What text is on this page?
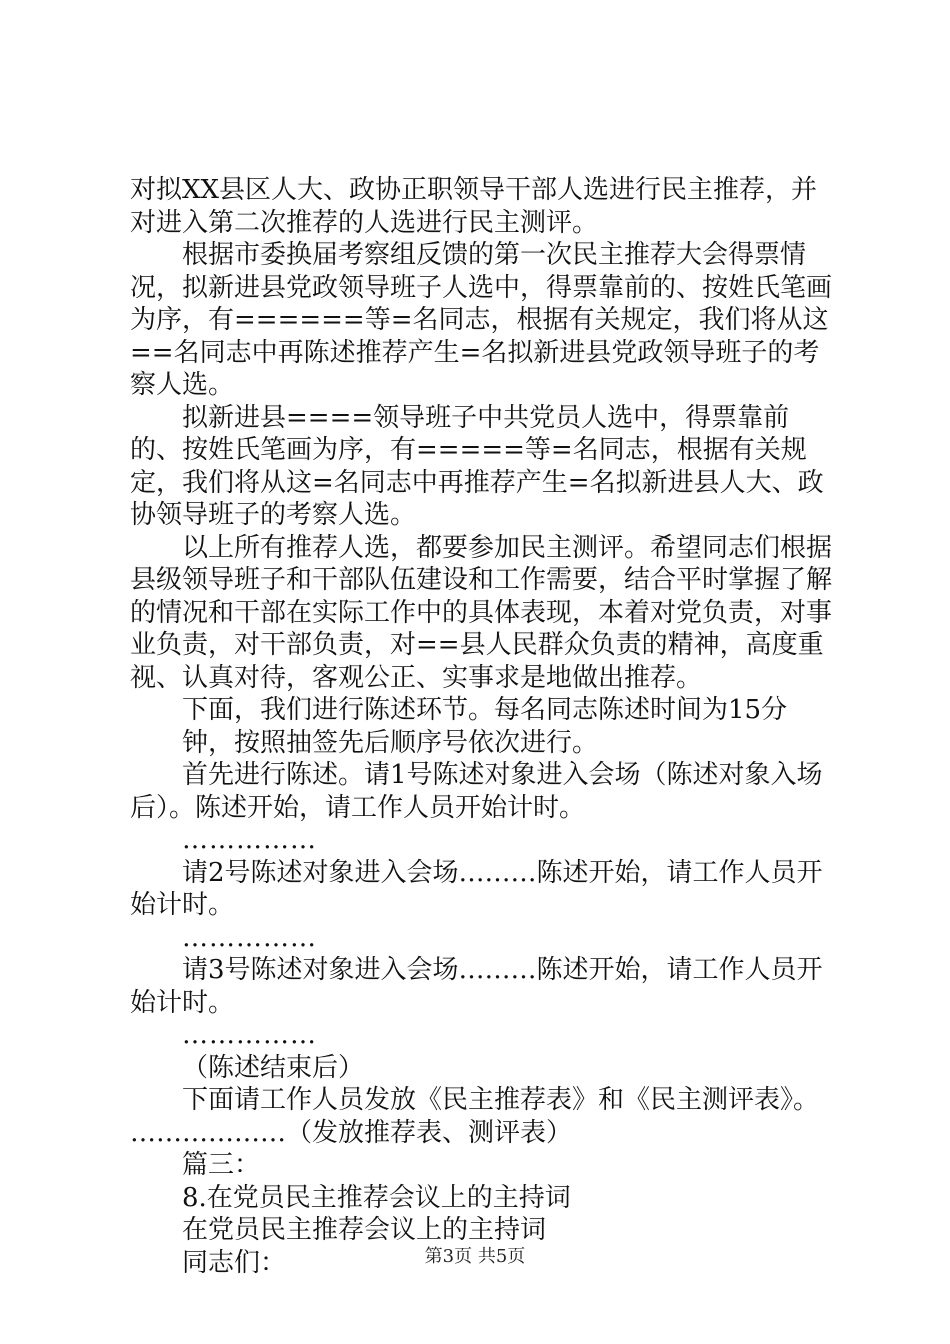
对拟XX县区人大、政协正职领导干部人选进行民主推荐，并对进入第二次推荐的人选进行民主测评。

根据市委换届考察组反馈的第一次民主推荐大会得票情况，拟新进县党政领导班子人选中，得票靠前的、按姓氏笔画为序，有======等=名同志，根据有关规定，我们将从这==名同志中再陈述推荐产生=名拟新进县党政领导班子的考察人选。

拟新进县====领导班子中共党员人选中，得票靠前的、按姓氏笔画为序，有=====等=名同志，根据有关规定，我们将从这=名同志中再推荐产生=名拟新进县人大、政协领导班子的考察人选。

以上所有推荐人选，都要参加民主测评。希望同志们根据县级领导班子和干部队伍建设和工作需要，结合平时掌握了解的情况和干部在实际工作中的具体表现，本着对党负责，对事业负责，对干部负责，对==县人民群众负责的精神，高度重视、认真对待，客观公正、实事求是地做出推荐。

下面，我们进行陈述环节。每名同志陈述时间为15分

钟，按照抽签先后顺序号依次进行。

首先进行陈述。请1号陈述对象进入会场（陈述对象入场后）。陈述开始，请工作人员开始计时。

……………

请2号陈述对象进入会场………陈述开始，请工作人员开始计时。

……………

请3号陈述对象进入会场………陈述开始，请工作人员开始计时。

……………

（陈述结束后）

下面请工作人员发放《民主推荐表》和《民主测评表》。

………………（发放推荐表、测评表）

篇三：

8.在党员民主推荐会议上的主持词

在党员民主推荐会议上的主持词

同志们：	第3页 共5页
